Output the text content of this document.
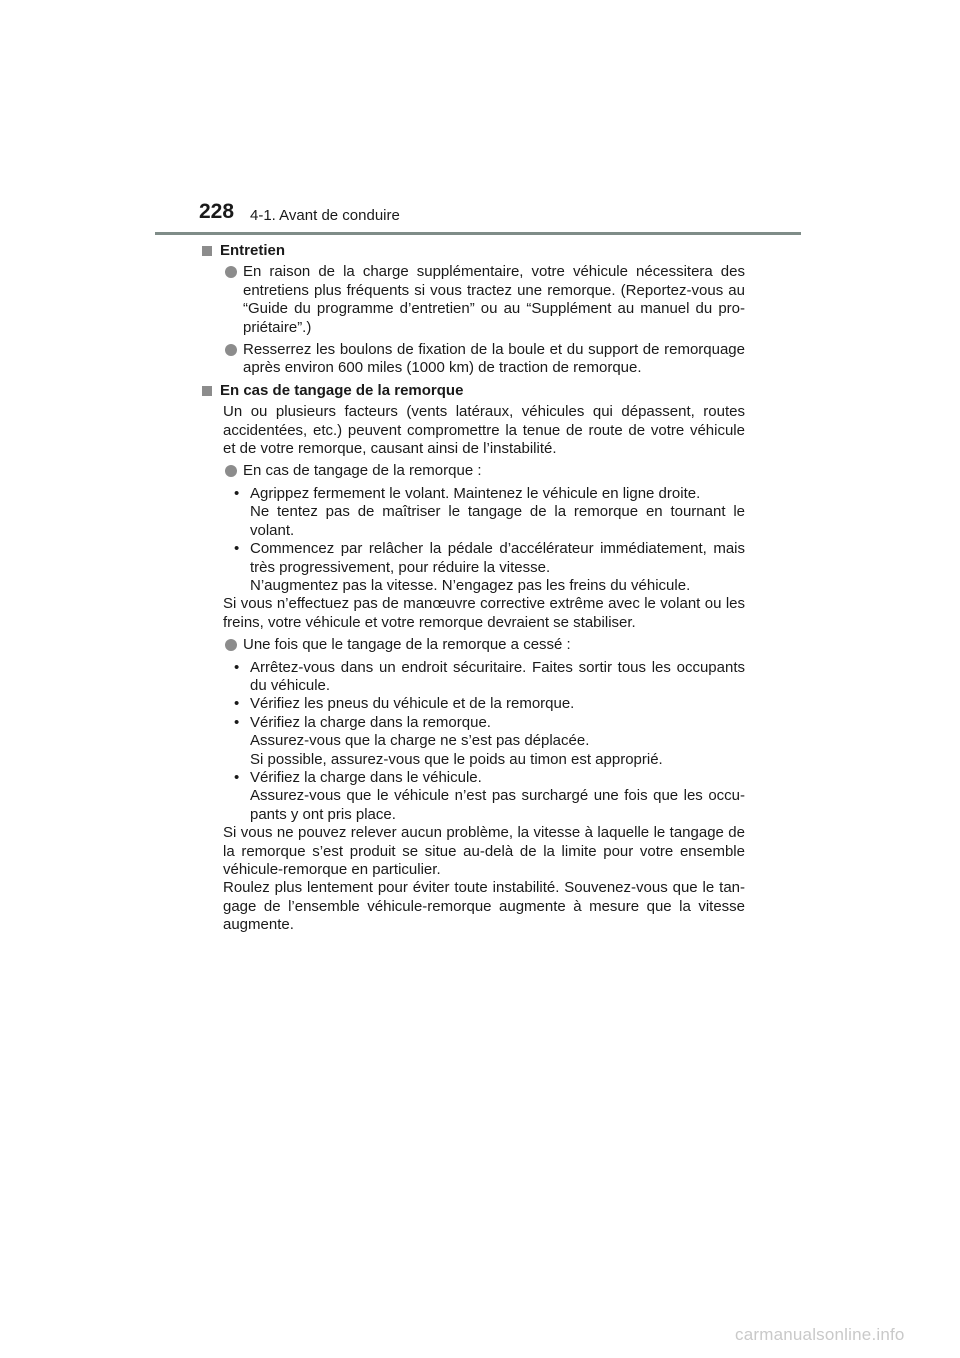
228 4-1. Avant de conduire
Entretien
En raison de la charge supplémentaire, votre véhicule nécessitera des entretiens plus fréquents si vous tractez une remorque. (Reportez-vous au “Guide du programme d’entretien” ou au “Supplément au manuel du pro-priétaire”.)
Resserrez les boulons de fixation de la boule et du support de remorquage après environ 600 miles (1000 km) de traction de remorque.
En cas de tangage de la remorque

Un ou plusieurs facteurs (vents latéraux, véhicules qui dépassent, routes accidentées, etc.) peuvent compromettre la tenue de route de votre véhicule et de votre remorque, causant ainsi de l’instabilité.

En cas de tangage de la remorque :
• Agrippez fermement le volant. Maintenez le véhicule en ligne droite.

Ne tentez pas de maîtriser le tangage de la remorque en tournant le volant.

• Commencez par relâcher la pédale d’accélérateur immédiatement, mais très progressivement, pour réduire la vitesse.

N’augmentez pas la vitesse. N’engagez pas les freins du véhicule.

Si vous n’effectuez pas de manœuvre corrective extrême avec le volant ou les freins, votre véhicule et votre remorque devraient se stabiliser.

Une fois que le tangage de la remorque a cessé :
• Arrêtez-vous dans un endroit sécuritaire. Faites sortir tous les occupants du véhicule.
• Vérifiez les pneus du véhicule et de la remorque.
• Vérifiez la charge dans la remorque.

Assurez-vous que la charge ne s’est pas déplacée.

Si possible, assurez-vous que le poids au timon est approprié.

• Vérifiez la charge dans le véhicule.

Assurez-vous que le véhicule n’est pas surchargé une fois que les occu-pants y ont pris place.

Si vous ne pouvez relever aucun problème, la vitesse à laquelle le tangage de la remorque s’est produit se situe au-delà de la limite pour votre ensemble véhicule-remorque en particulier.

Roulez plus lentement pour éviter toute instabilité. Souvenez-vous que le tan-gage de l’ensemble véhicule-remorque augmente à mesure que la vitesse augmente.

carmanualsonline.info
